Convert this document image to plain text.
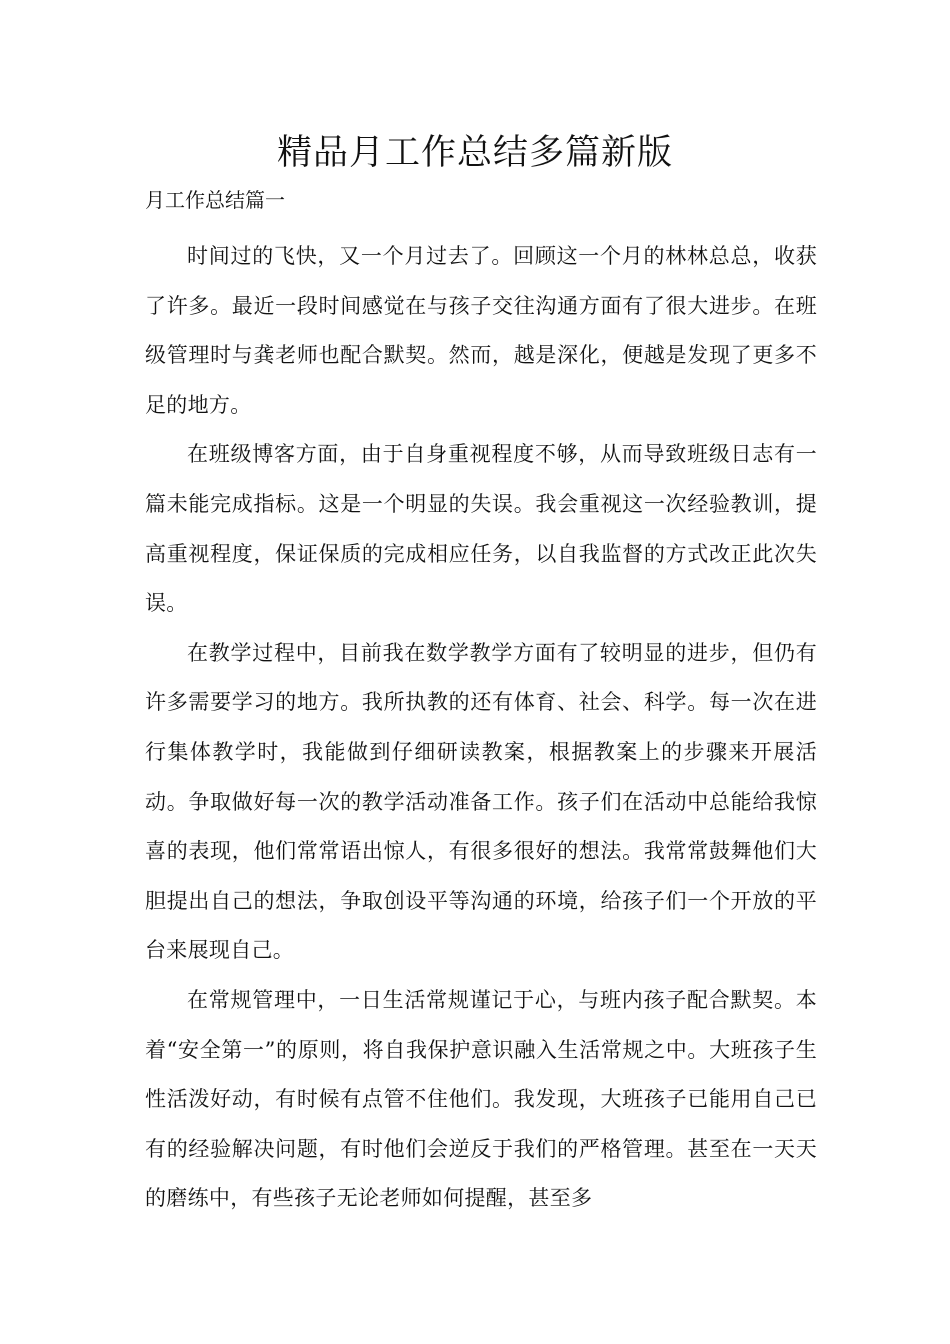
精品月工作总结多篇新版
月工作总结篇一

时间过的飞快，又一个月过去了。回顾这一个月的林林总总，收获了许多。最近一段时间感觉在与孩子交往沟通方面有了很大进步。在班级管理时与龚老师也配合默契。然而，越是深化，便越是发现了更多不足的地方。

在班级博客方面，由于自身重视程度不够，从而导致班级日志有一篇未能完成指标。这是一个明显的失误。我会重视这一次经验教训，提高重视程度，保证保质的完成相应任务，以自我监督的方式改正此次失误。

在教学过程中，目前我在数学教学方面有了较明显的进步，但仍有许多需要学习的地方。我所执教的还有体育、社会、科学。每一次在进行集体教学时，我能做到仔细研读教案，根据教案上的步骤来开展活动。争取做好每一次的教学活动准备工作。孩子们在活动中总能给我惊喜的表现，他们常常语出惊人，有很多很好的想法。我常常鼓舞他们大胆提出自己的想法，争取创设平等沟通的环境，给孩子们一个开放的平台来展现自己。

在常规管理中，一日生活常规谨记于心，与班内孩子配合默契。本着“安全第一”的原则，将自我保护意识融入生活常规之中。大班孩子生性活泼好动，有时候有点管不住他们。我发现，大班孩子已能用自己已有的经验解决问题，有时他们会逆反于我们的严格管理。甚至在一天天的磨练中，有些孩子无论老师如何提醒，甚至多
